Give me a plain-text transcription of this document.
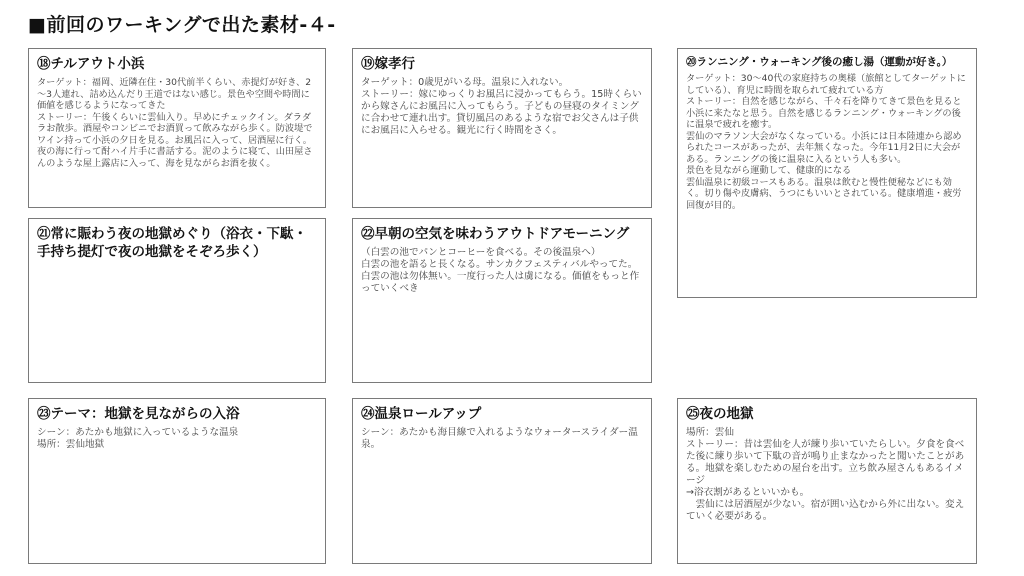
■前回のワーキングで出た素材-４-
⑱チルアウト小浜
ターゲット：福岡、近隣在住・30代前半くらい、赤提灯が好き、2～3人連れ、詰め込んだり王道ではない感じ。景色や空間や時間に価値を感じるようになってきた
ストーリー：午後くらいに雲仙入り。早めにチェックイン。ダラダラお散歩。酒屋やコンビニでお酒買って飲みながら歩く。防波堤でワイン持って小浜の夕日を見る。お風呂に入って、居酒屋に行く。夜の海に行って酎ハイ片手に書話する。泥のように寝て、山田屋さんのような屋上露店に入って、海を見ながらお酒を抜く。
⑲嫁孝行
ターゲット：0歳児がいる母。温泉に入れない。
ストーリー：嫁にゆっくりお風呂に浸かってもらう。15時くらいから嫁さんにお風呂に入ってもらう。子どもの昼寝のタイミングに合わせて連れ出す。貸切風呂のあるような宿でお父さんは子供にお風呂に入らせる。観光に行く時間をさく。
⑳ランニング・ウォーキング後の癒し湯（運動が好き。）
ターゲット：30～40代の家庭持ちの奥様（旅館としてターゲットにしている）、育児に時間を取られて疲れている方
ストーリー：自然を感じながら、千々石を降りてきて景色を見ると小浜に来たなと思う。自然を感じるランニング・ウォーキングの後に温泉で疲れを癒す。
雲仙のマラソン大会がなくなっている。小浜には日本陸連から認められたコースがあったが、去年無くなった。今年11月2日に大会がある。ランニングの後に温泉に入るという人も多い。
景色を見ながら運動して、健康的になる
雲仙温泉に初級コースもある。温泉は飲むと慢性便秘などにも効く。切り傷や皮膚病、うつにもいいとされている。健康増進・疲労回復が目的。
㉑常に賑わう夜の地獄めぐり（浴衣・下駄・手持ち提灯で夜の地獄をそぞろ歩く）
㉒早朝の空気を味わうアウトドアモーニング
（白雲の池でパンとコーヒーを食べる。その後温泉へ）
白雲の池を語ると長くなる。サンカクフェスティバルやってた。白雲の池は勿体無い。一度行った人は虜になる。価値をもっと作っていくべき
㉓テーマ：地獄を見ながらの入浴
シーン：あたかも地獄に入っているような温泉
場所：雲仙地獄
㉔温泉ロールアップ
シーン：あたかも海目線で入れるようなウォータースライダー温泉。
㉕夜の地獄
場所：雲仙
ストーリー：昔は雲仙を人が練り歩いていたらしい。夕食を食べた後に練り歩いて下駄の音が鳴り止まなかったと聞いたことがある。地獄を楽しむための屋台を出す。立ち飲み屋さんもあるイメージ
→浴衣割があるといいかも。
　雲仙には居酒屋が少ない。宿が囲い込むから外に出ない。変えていく必要がある。
